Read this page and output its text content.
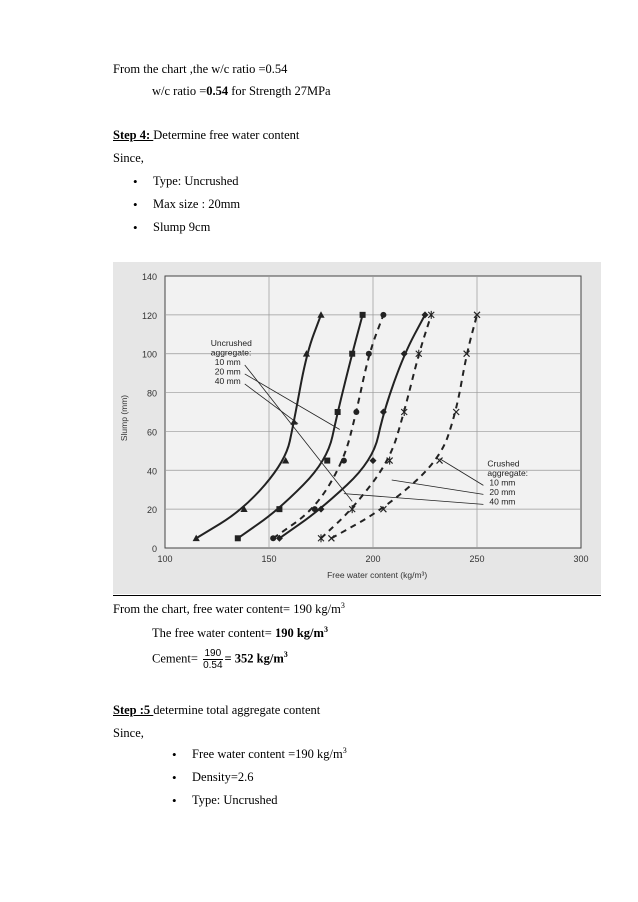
From the chart ,the w/c ratio =0.54
w/c ratio =0.54 for Strength 27MPa
Step 4: Determine free water content
Since,
• Type: Uncrushed
• Max size : 20mm
• Slump 9cm
0
20
40
60
80
100
120
140
100	150	200	250	300
Free water content (kg/m³)
Slump (mm)
Uncrushed
aggregate:
10 mm
20 mm
40 mm
Crushed
aggregate:
10 mm
20 mm
40 mm
From the chart, free water content= 190 $kg/m^3$
The free water content= 190 $kg/m^3$
Cement= $\frac{190}{0.54} = 352$ $kg/m^3$
Step :5 determine total aggregate content
Since,
• Free water content =190 $kg/m^3$
• Density=2.6
• Type: Uncrushed
